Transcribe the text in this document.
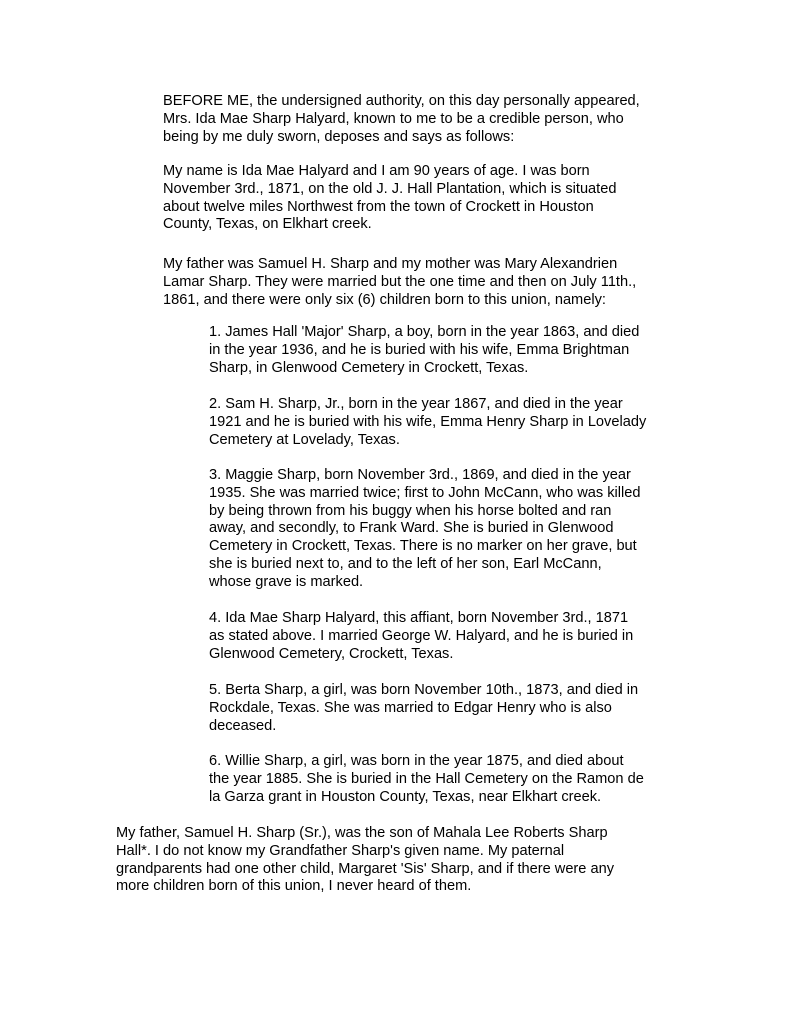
BEFORE ME, the undersigned authority, on this day personally appeared,
Mrs. Ida Mae Sharp Halyard, known to me to be a credible person, who
being by me duly sworn, deposes and says as follows:

My name is Ida Mae Halyard and I am 90 years of age. I was born
November 3rd., 1871, on the old J. J. Hall Plantation, which is situated
about twelve miles Northwest from the town of Crockett in Houston
County, Texas, on Elkhart creek.

My father was Samuel H. Sharp and my mother was Mary Alexandrien
Lamar Sharp. They were married but the one time and then on July 11th.,
1861, and there were only six (6) children born to this union, namely:

1. James Hall 'Major' Sharp, a boy, born in the year 1863, and died
in the year 1936, and he is buried with his wife, Emma Brightman
Sharp, in Glenwood Cemetery in Crockett, Texas.

2. Sam H. Sharp, Jr., born in the year 1867, and died in the year
1921 and he is buried with his wife, Emma Henry Sharp in Lovelady
Cemetery at Lovelady, Texas.

3. Maggie Sharp, born November 3rd., 1869, and died in the year
1935. She was married twice; first to John McCann, who was killed
by being thrown from his buggy when his horse bolted and ran
away, and secondly, to Frank Ward. She is buried in Glenwood
Cemetery in Crockett, Texas. There is no marker on her grave, but
she is buried next to, and to the left of her son, Earl McCann,
whose grave is marked.

4. Ida Mae Sharp Halyard, this affiant, born November 3rd., 1871
as stated above. I married George W. Halyard, and he is buried in
Glenwood Cemetery, Crockett, Texas.

5. Berta Sharp, a girl, was born November 10th., 1873, and died in
Rockdale, Texas. She was married to Edgar Henry who is also
deceased.

6. Willie Sharp, a girl, was born in the year 1875, and died about
the year 1885. She is buried in the Hall Cemetery on the Ramon de
la Garza grant in Houston County, Texas, near Elkhart creek.

My father, Samuel H. Sharp (Sr.), was the son of Mahala Lee Roberts Sharp
Hall*. I do not know my Grandfather Sharp's given name. My paternal
grandparents had one other child, Margaret 'Sis' Sharp, and if there were any
more children born of this union, I never heard of them.
